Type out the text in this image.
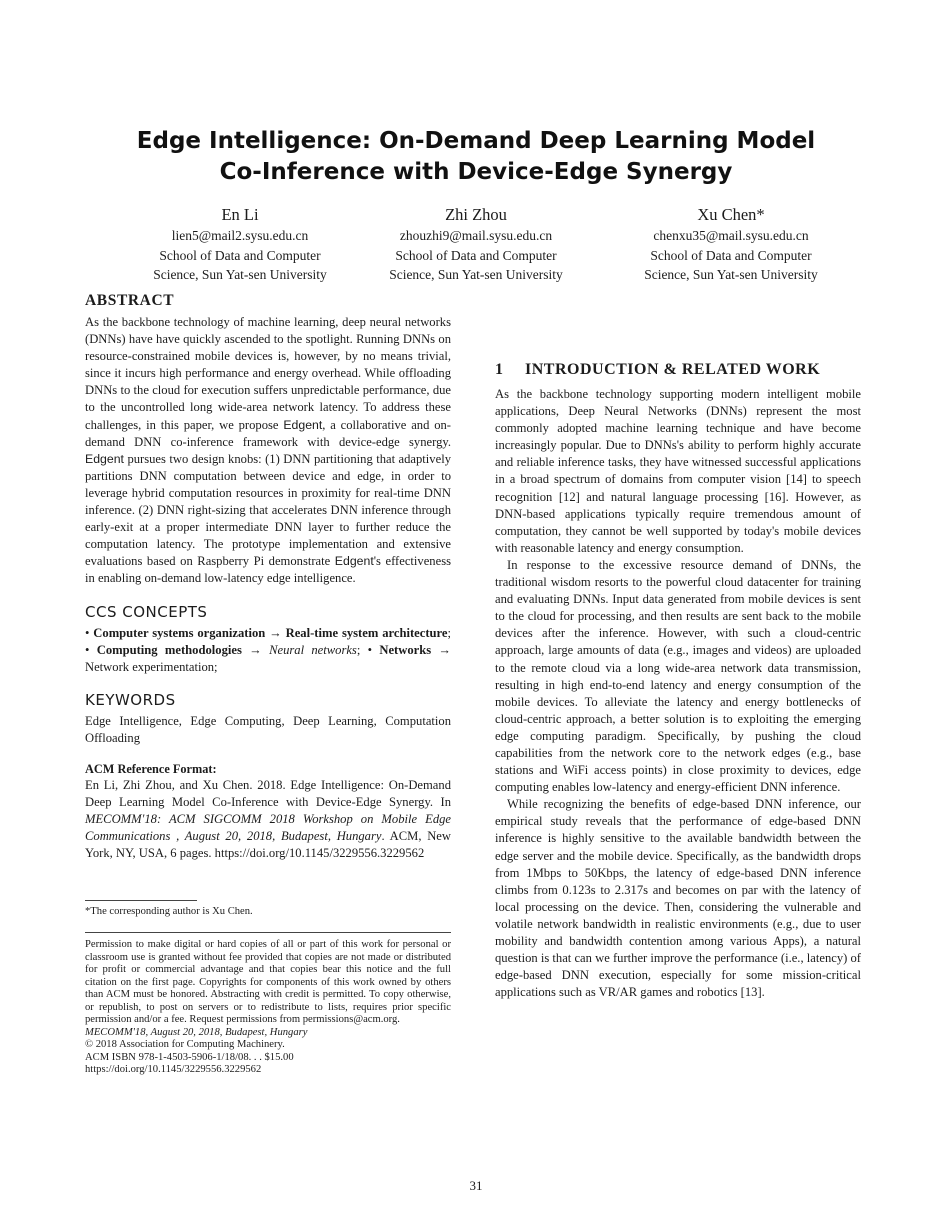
Edge Intelligence: On-Demand Deep Learning Model
Co-Inference with Device-Edge Synergy
En Li
lien5@mail2.sysu.edu.cn
School of Data and Computer
Science, Sun Yat-sen University
Zhi Zhou
zhouzhi9@mail.sysu.edu.cn
School of Data and Computer
Science, Sun Yat-sen University
Xu Chen*
chenxu35@mail.sysu.edu.cn
School of Data and Computer
Science, Sun Yat-sen University
ABSTRACT

As the backbone technology of machine learning, deep neural networks (DNNs) have have quickly ascended to the spotlight. Running DNNs on resource-constrained mobile devices is, however, by no means trivial, since it incurs high performance and energy overhead. While offloading DNNs to the cloud for execution suffers unpredictable performance, due to the uncontrolled long wide-area network latency. To address these challenges, in this paper, we propose Edgent, a collaborative and on-demand DNN co-inference framework with device-edge synergy. Edgent pursues two design knobs: (1) DNN partitioning that adaptively partitions DNN computation between device and edge, in order to leverage hybrid computation resources in proximity for real-time DNN inference. (2) DNN right-sizing that accelerates DNN inference through early-exit at a proper intermediate DNN layer to further reduce the computation latency. The prototype implementation and extensive evaluations based on Raspberry Pi demonstrate Edgent's effectiveness in enabling on-demand low-latency edge intelligence.

CCS CONCEPTS

• Computer systems organization → Real-time system architecture; • Computing methodologies → Neural networks; • Networks → Network experimentation;

KEYWORDS

Edge Intelligence, Edge Computing, Deep Learning, Computation Offloading

ACM Reference Format:

En Li, Zhi Zhou, and Xu Chen. 2018. Edge Intelligence: On-Demand Deep Learning Model Co-Inference with Device-Edge Synergy. In MECOMM'18: ACM SIGCOMM 2018 Workshop on Mobile Edge Communications , August 20, 2018, Budapest, Hungary. ACM, New York, NY, USA, 6 pages. https://doi.org/10.1145/3229556.3229562

*The corresponding author is Xu Chen.

Permission to make digital or hard copies of all or part of this work for personal or classroom use is granted without fee provided that copies are not made or distributed for profit or commercial advantage and that copies bear this notice and the full citation on the first page. Copyrights for components of this work owned by others than ACM must be honored. Abstracting with credit is permitted. To copy otherwise, or republish, to post on servers or to redistribute to lists, requires prior specific permission and/or a fee. Request permissions from permissions@acm.org.

MECOMM'18, August 20, 2018, Budapest, Hungary
© 2018 Association for Computing Machinery.
ACM ISBN 978-1-4503-5906-1/18/08. . . $15.00
https://doi.org/10.1145/3229556.3229562
1	INTRODUCTION & RELATED WORK

As the backbone technology supporting modern intelligent mobile applications, Deep Neural Networks (DNNs) represent the most commonly adopted machine learning technique and have become increasingly popular. Due to DNNs's ability to perform highly accurate and reliable inference tasks, they have witnessed successful applications in a broad spectrum of domains from computer vision [14] to speech recognition [12] and natural language processing [16]. However, as DNN-based applications typically require tremendous amount of computation, they cannot be well supported by today's mobile devices with reasonable latency and energy consumption.

In response to the excessive resource demand of DNNs, the traditional wisdom resorts to the powerful cloud datacenter for training and evaluating DNNs. Input data generated from mobile devices is sent to the cloud for processing, and then results are sent back to the mobile devices after the inference. However, with such a cloud-centric approach, large amounts of data (e.g., images and videos) are uploaded to the remote cloud via a long wide-area network data transmission, resulting in high end-to-end latency and energy consumption of the mobile devices. To alleviate the latency and energy bottlenecks of cloud-centric approach, a better solution is to exploiting the emerging edge computing paradigm. Specifically, by pushing the cloud capabilities from the network core to the network edges (e.g., base stations and WiFi access points) in close proximity to devices, edge computing enables low-latency and energy-efficient DNN inference.

While recognizing the benefits of edge-based DNN inference, our empirical study reveals that the performance of edge-based DNN inference is highly sensitive to the available bandwidth between the edge server and the mobile device. Specifically, as the bandwidth drops from 1Mbps to 50Kbps, the latency of edge-based DNN inference climbs from 0.123s to 2.317s and becomes on par with the latency of local processing on the device. Then, considering the vulnerable and volatile network bandwidth in realistic environments (e.g., due to user mobility and bandwidth contention among various Apps), a natural question is that can we further improve the performance (i.e., latency) of edge-based DNN execution, especially for some mission-critical applications such as VR/AR games and robotics [13].

31
